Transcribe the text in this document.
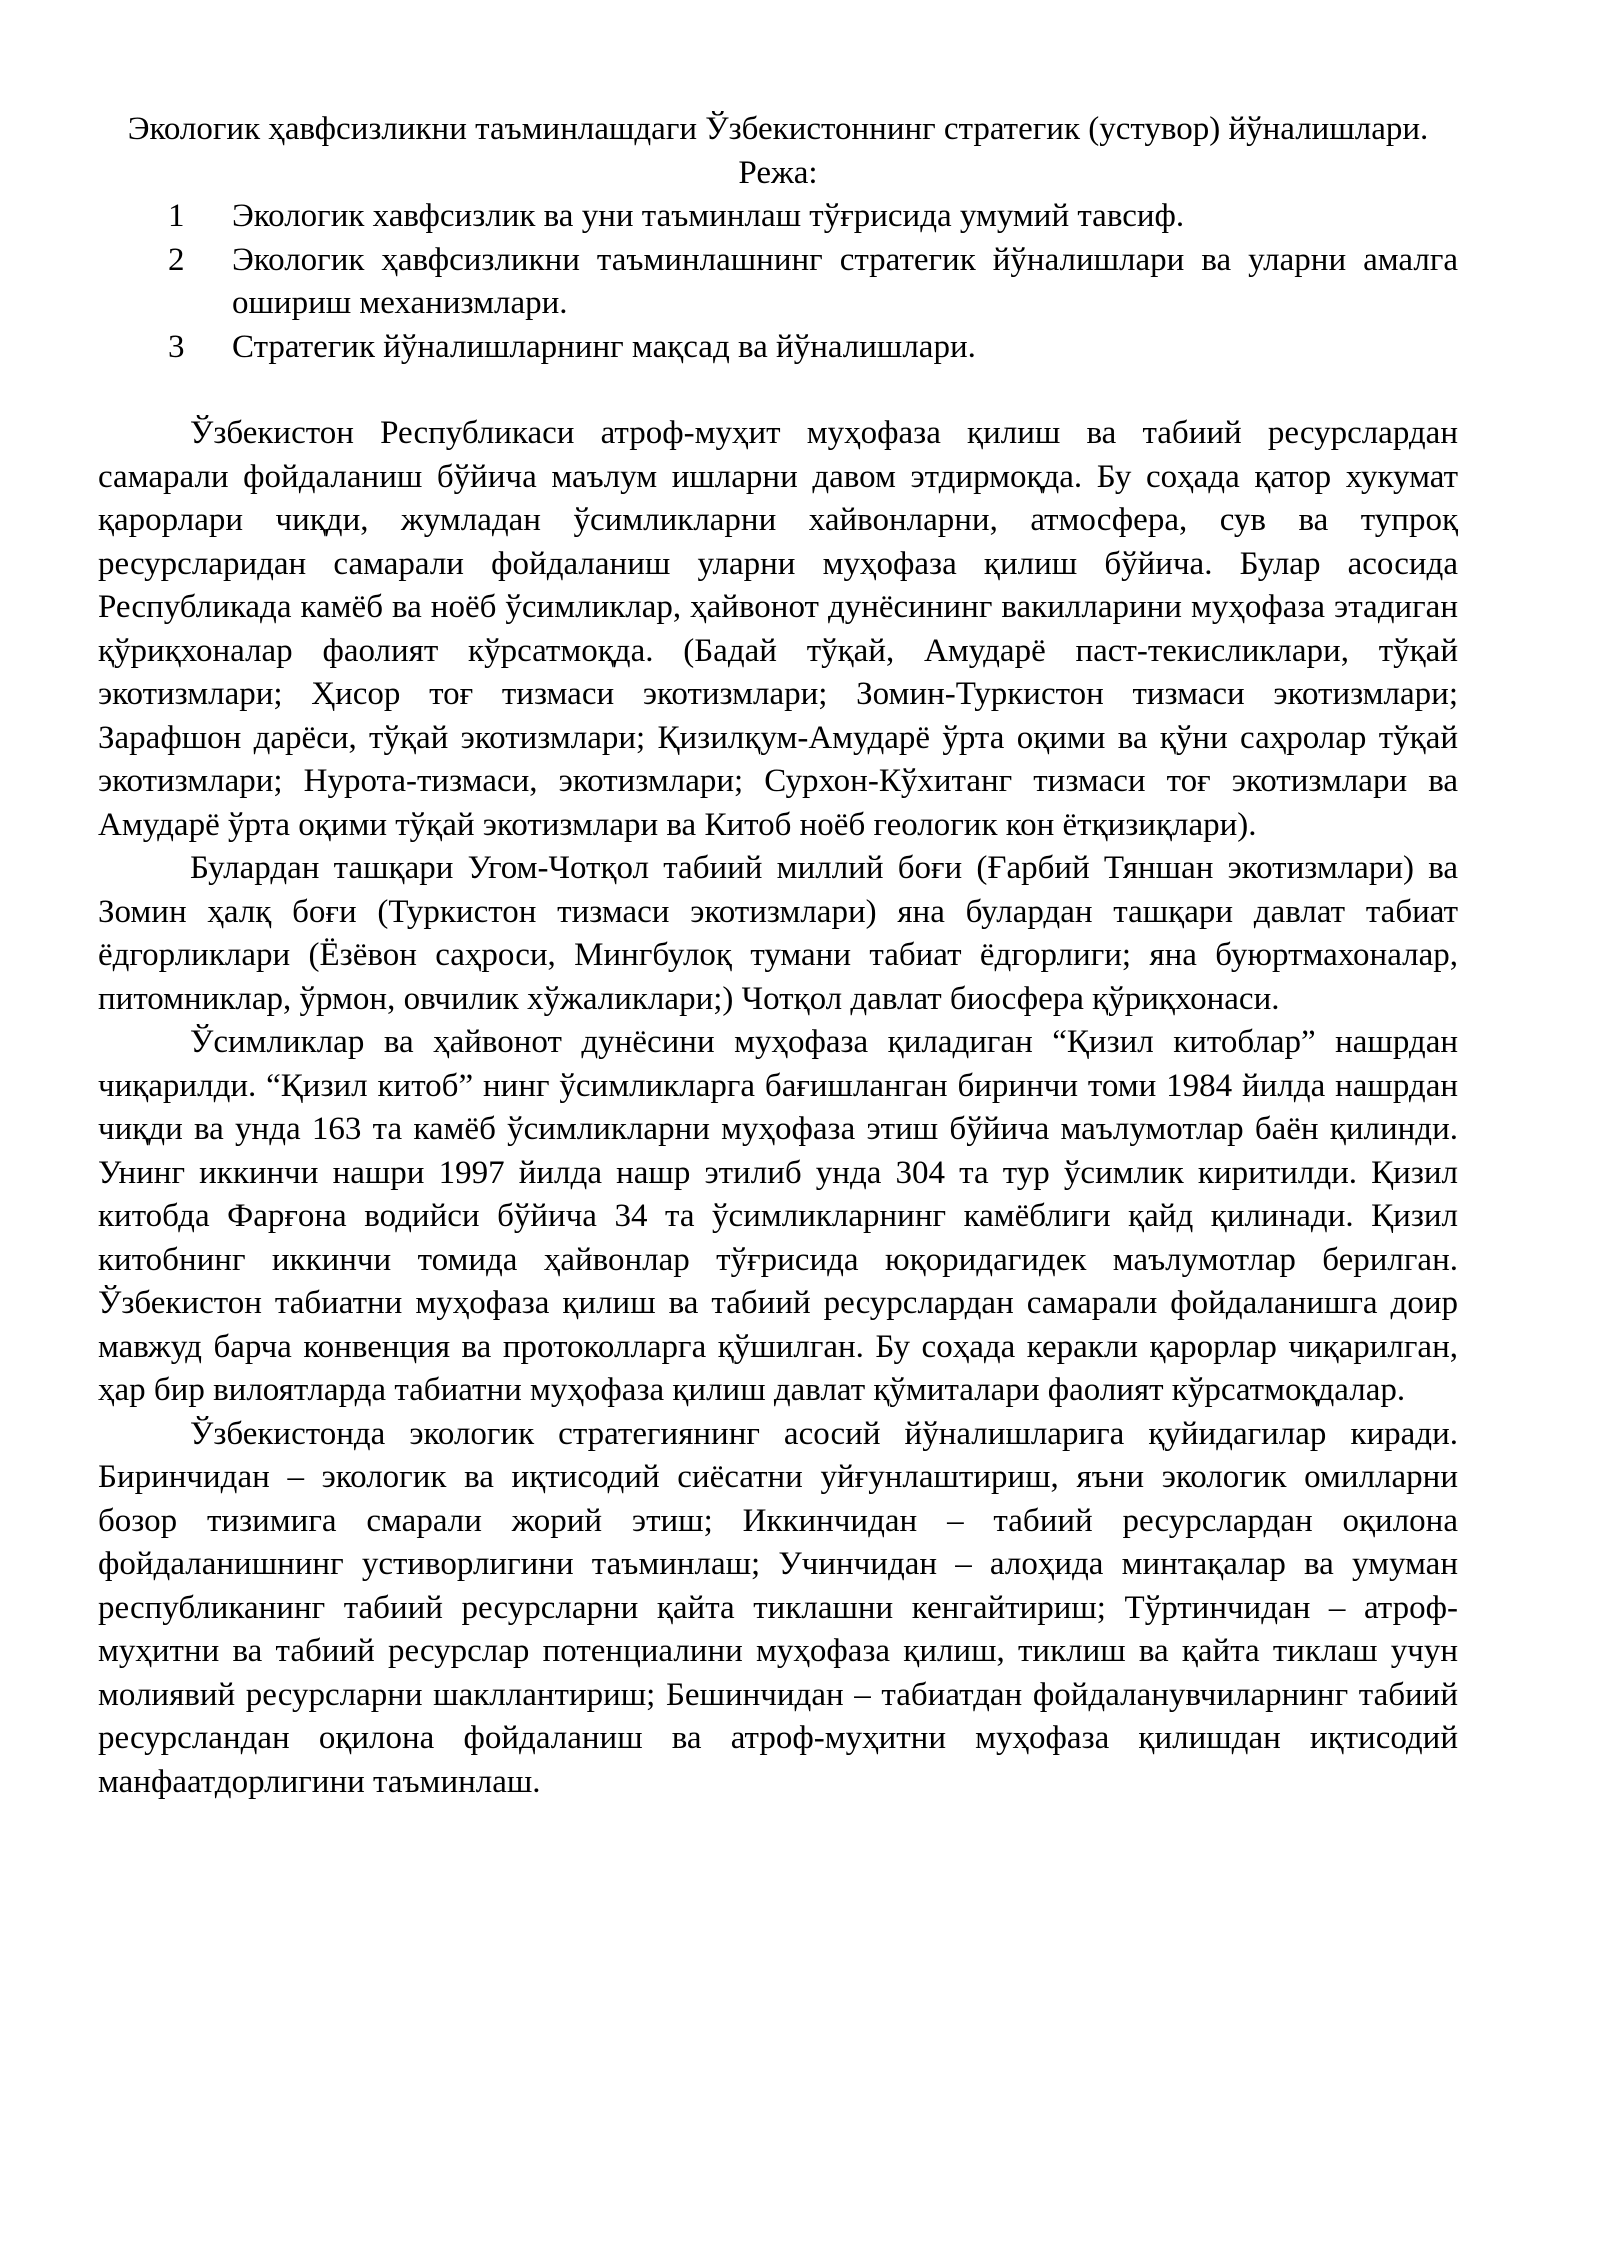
Экологик ҳавфсизликни таъминлашдаги Ўзбекистоннинг стратегик (устувор) йўналишлари.
Режа:
1	Экологик хавфсизлик ва уни таъминлаш тўғрисида умумий тавсиф.
2	Экологик ҳавфсизликни таъминлашнинг стратегик йўналишлари ва уларни амалга ошириш механизмлари.
3	Стратегик йўналишларнинг мақсад ва йўналишлари.

Ўзбекистон Республикаси атроф-муҳит муҳофаза қилиш ва табиий ресурслардан самарали фойдаланиш бўйича маълум ишларни давом этдирмоқда. Бу соҳада қатор хукумат қарорлари чиқди, жумладан ўсимликларни хайвонларни, атмосфера, сув ва тупроқ ресурсларидан самарали фойдаланиш уларни муҳофаза қилиш бўйича. Булар асосида Республикада камёб ва ноёб ўсимликлар, ҳайвонот дунёсининг вакилларини муҳофаза этадиган қўриқхоналар фаолият кўрсатмоқда. (Бадай тўқай, Амударё паст-текисликлари, тўқай экотизмлари; Ҳисор тоғ тизмаси экотизмлари; Зомин-Туркистон тизмаси экотизмлари; Зарафшон дарёси, тўқай экотизмлари; Қизилқум-Амударё ўрта оқими ва қўни саҳролар тўқай экотизмлари; Нурота-тизмаси, экотизмлари; Сурхон-Кўхитанг тизмаси тоғ экотизмлари ва Амударё ўрта оқими тўқай экотизмлари ва Китоб ноёб геологик кон ётқизиқлари).

Булардан ташқари Угом-Чотқол табиий миллий боғи (Ғарбий Тяншан экотизмлари) ва Зомин ҳалқ боғи (Туркистон тизмаси экотизмлари) яна булардан ташқари давлат табиат ёдгорликлари (Ёзёвон саҳроси, Мингбулоқ тумани табиат ёдгорлиги; яна буюртмахоналар, питомниклар, ўрмон, овчилик хўжаликлари;) Чотқол давлат биосфера қўриқхонаси.

Ўсимликлар ва ҳайвонот дунёсини муҳофаза қиладиган “Қизил китоблар” нашрдан чиқарилди. “Қизил китоб” нинг ўсимликларга бағишланган биринчи томи 1984 йилда нашрдан чиқди ва унда 163 та камёб ўсимликларни муҳофаза этиш бўйича маълумотлар баён қилинди. Унинг иккинчи нашри 1997 йилда нашр этилиб унда 304 та тур ўсимлик киритилди. Қизил китобда Фарғона водийси бўйича 34 та ўсимликларнинг камёблиги қайд қилинади. Қизил китобнинг иккинчи томида ҳайвонлар тўғрисида юқоридагидек маълумотлар берилган. Ўзбекистон табиатни муҳофаза қилиш ва табиий ресурслардан самарали фойдаланишга доир мавжуд барча конвенция ва протоколларга қўшилган. Бу соҳада керакли қарорлар чиқарилган, ҳар бир вилоятларда табиатни муҳофаза қилиш давлат қўмиталари фаолият кўрсатмоқдалар.

Ўзбекистонда экологик стратегиянинг асосий йўналишларига қуйидагилар киради. Биринчидан – экологик ва иқтисодий сиёсатни уйғунлаштириш, яъни экологик омилларни бозор тизимига смарали жорий этиш; Иккинчидан – табиий ресурслардан оқилона фойдаланишнинг устиворлигини таъминлаш; Учинчидан – алоҳида минтақалар ва умуман республиканинг табиий ресурсларни қайта тиклашни кенгайтириш; Тўртинчидан – атроф-муҳитни ва табиий ресурслар потенциалини муҳофаза қилиш, тиклиш ва қайта тиклаш учун молиявий ресурсларни шакллантириш; Бешинчидан – табиатдан фойдаланувчиларнинг табиий ресурсландан оқилона фойдаланиш ва атроф-муҳитни муҳофаза қилишдан иқтисодий манфаатдорлигини таъминлаш.
